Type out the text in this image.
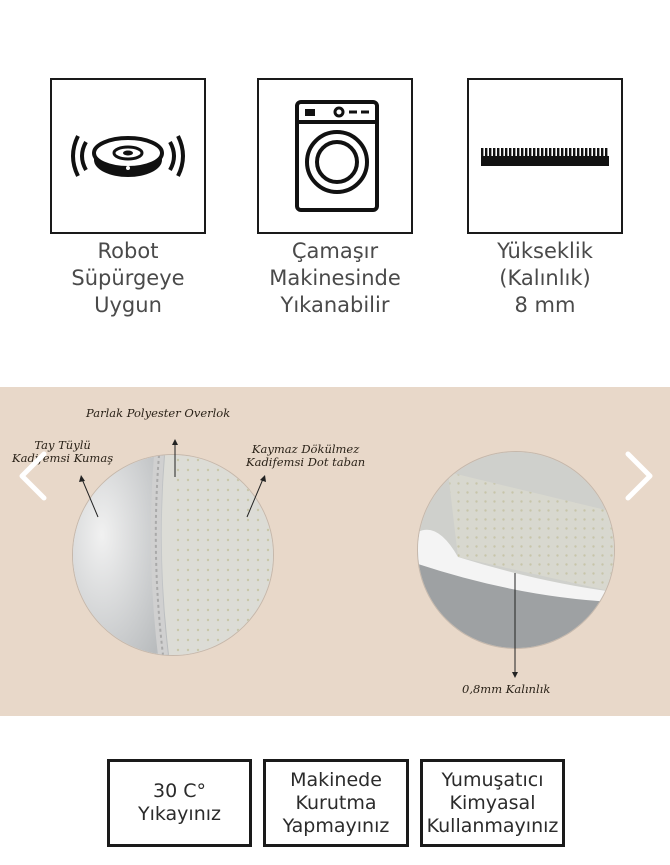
Robot
Süpürgeye
Uygun
Çamaşır
Makinesinde
Yıkanabilir
Yükseklik
(Kalınlık)
8 mm
Parlak Polyester Overlok
Tay Tüylü
Kadifemsi Kumaş
Kaymaz Dökülmez
Kadifemsi Dot taban
0,8mm Kalınlık
30 C°
Yıkayınız
Makinede
Kurutma
Yapmayınız
Yumuşatıcı
Kimyasal
Kullanmayınız
